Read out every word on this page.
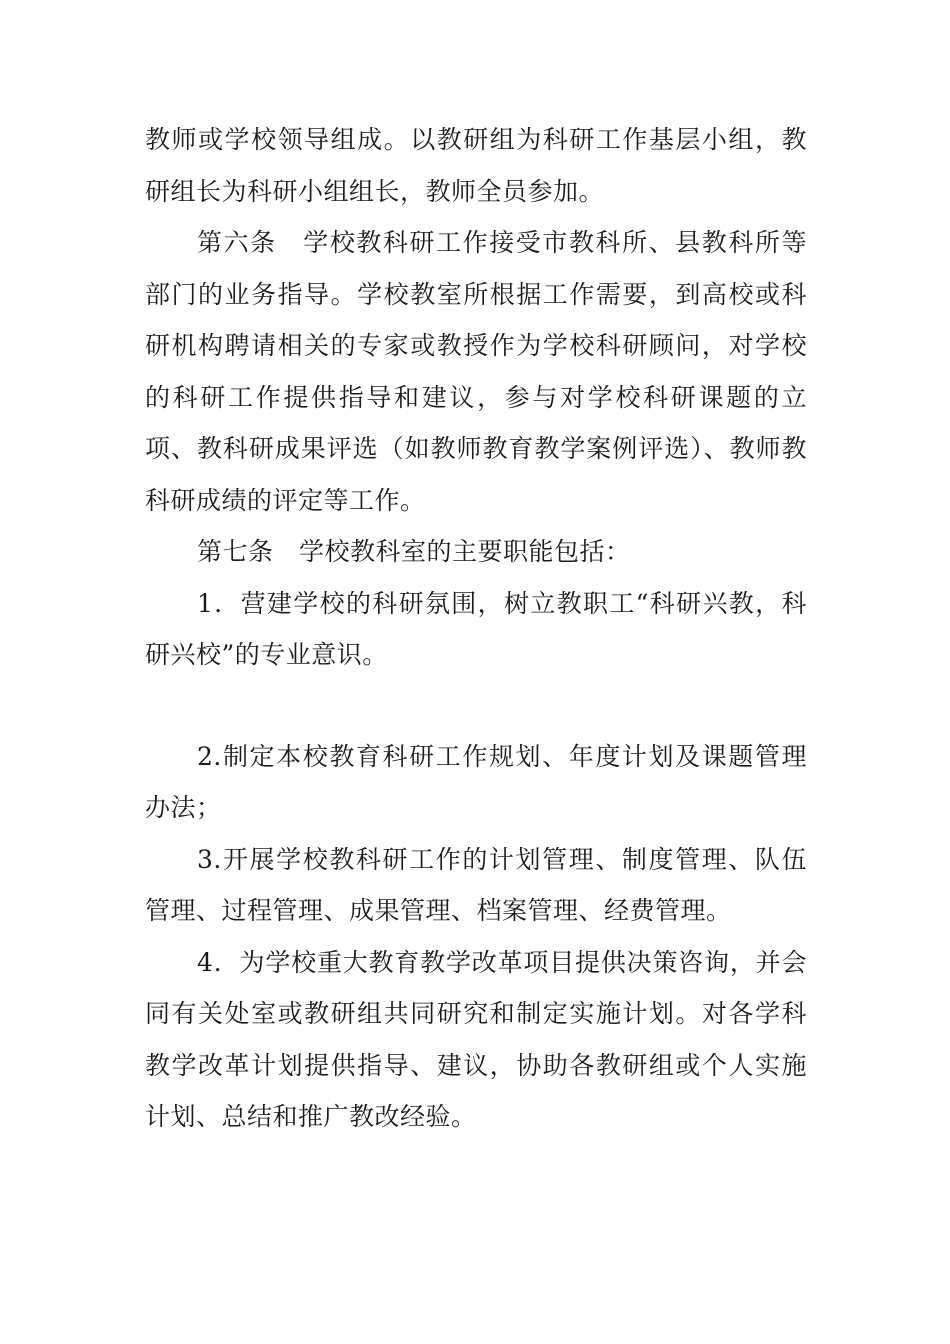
教师或学校领导组成。以教研组为科研工作基层小组，教研组长为科研小组组长，教师全员参加。

第六条　学校教科研工作接受市教科所、县教科所等部门的业务指导。学校教室所根据工作需要，到高校或科研机构聘请相关的专家或教授作为学校科研顾问，对学校的科研工作提供指导和建议，参与对学校科研课题的立项、教科研成果评选（如教师教育教学案例评选）、教师教科研成绩的评定等工作。

第七条　学校教科室的主要职能包括：

1．营建学校的科研氛围，树立教职工“科研兴教，科研兴校”的专业意识。

2.制定本校教育科研工作规划、年度计划及课题管理办法；

3.开展学校教科研工作的计划管理、制度管理、队伍管理、过程管理、成果管理、档案管理、经费管理。

4．为学校重大教育教学改革项目提供决策咨询，并会同有关处室或教研组共同研究和制定实施计划。对各学科教学改革计划提供指导、建议，协助各教研组或个人实施计划、总结和推广教改经验。
